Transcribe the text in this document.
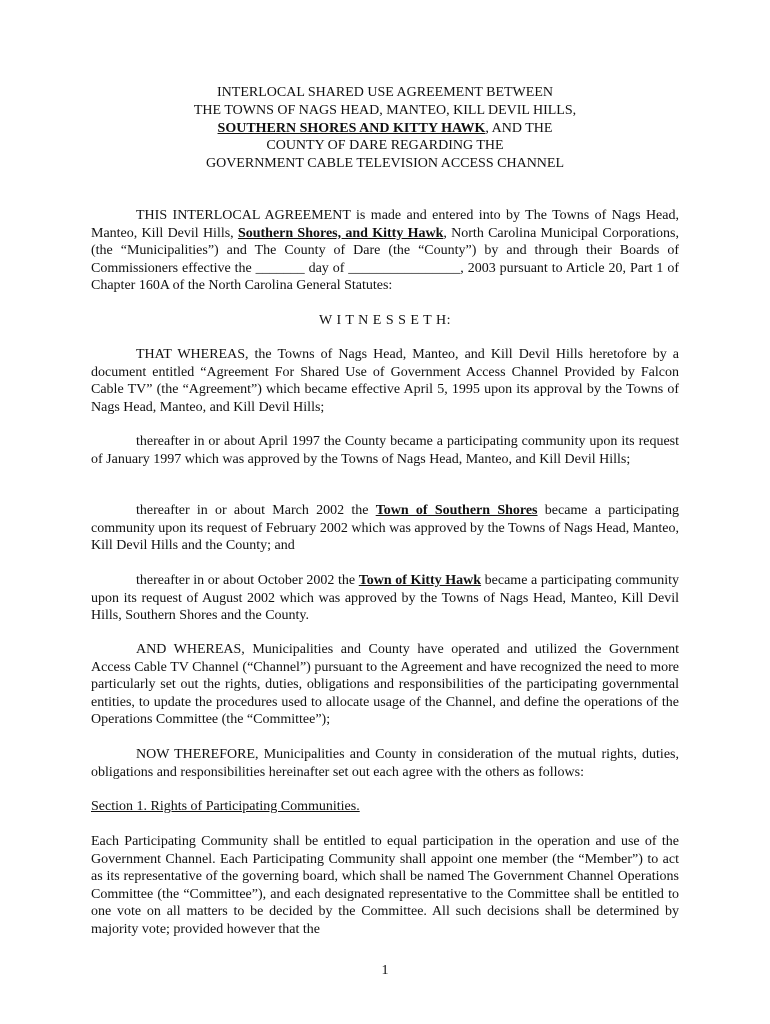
INTERLOCAL SHARED USE AGREEMENT BETWEEN
THE TOWNS OF NAGS HEAD, MANTEO, KILL DEVIL HILLS,
SOUTHERN SHORES AND KITTY HAWK, AND THE
COUNTY OF DARE REGARDING THE
GOVERNMENT CABLE TELEVISION ACCESS CHANNEL

THIS INTERLOCAL AGREEMENT is made and entered into by The Towns of Nags Head, Manteo, Kill Devil Hills, Southern Shores, and Kitty Hawk, North Carolina Municipal Corporations, (the “Municipalities”) and The County of Dare (the “County”) by and through their Boards of Commissioners effective the _______ day of ________________, 2003 pursuant to Article 20, Part 1 of Chapter 160A of the North Carolina General Statutes:

W I T N E S S E T H:

THAT WHEREAS, the Towns of Nags Head, Manteo, and Kill Devil Hills heretofore by a document entitled “Agreement For Shared Use of Government Access Channel Provided by Falcon Cable TV” (the “Agreement”) which became effective April 5, 1995 upon its approval by the Towns of Nags Head, Manteo, and Kill Devil Hills;

thereafter in or about April 1997 the County became a participating community upon its request of January 1997 which was approved by the Towns of Nags Head, Manteo, and Kill Devil Hills;

thereafter in or about March 2002 the Town of Southern Shores became a participating community upon its request of February 2002 which was approved by the Towns of Nags Head, Manteo, Kill Devil Hills and the County; and

thereafter in or about October 2002 the Town of Kitty Hawk became a participating community upon its request of August 2002 which was approved by the Towns of Nags Head, Manteo, Kill Devil Hills, Southern Shores and the County.

AND WHEREAS, Municipalities and County have operated and utilized the Government Access Cable TV Channel (“Channel”) pursuant to the Agreement and have recognized the need to more particularly set out the rights, duties, obligations and responsibilities of the participating governmental entities, to update the procedures used to allocate usage of the Channel, and define the operations of the Operations Committee (the “Committee”);

NOW THEREFORE, Municipalities and County in consideration of the mutual rights, duties, obligations and responsibilities hereinafter set out each agree with the others as follows:

Section 1. Rights of Participating Communities.

Each Participating Community shall be entitled to equal participation in the operation and use of the Government Channel. Each Participating Community shall appoint one member (the “Member”) to act as its representative of the governing board, which shall be named The Government Channel Operations Committee (the “Committee”), and each designated representative to the Committee shall be entitled to one vote on all matters to be decided by the Committee. All such decisions shall be determined by majority vote; provided however that the

1
